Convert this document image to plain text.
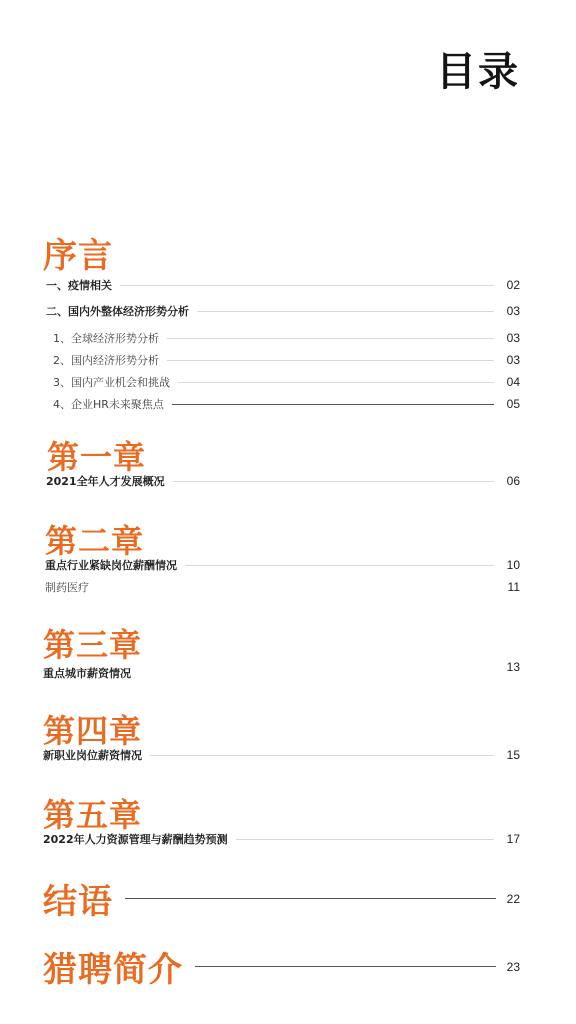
目录
序言
一、疫情相关	02
二、国内外整体经济形势分析	03
1、全球经济形势分析	03
2、国内经济形势分析	03
3、国内产业机会和挑战	04
4、企业HR未来聚焦点	05
第一章
2021全年人才发展概况	06
第二章
重点行业紧缺岗位薪酬情况	10
制药医疗	11
第三章
重点城市薪资情况	13
第四章
新职业岗位薪资情况	15
第五章
2022年人力资源管理与薪酬趋势预测	17
结语	22
猎聘简介	23
